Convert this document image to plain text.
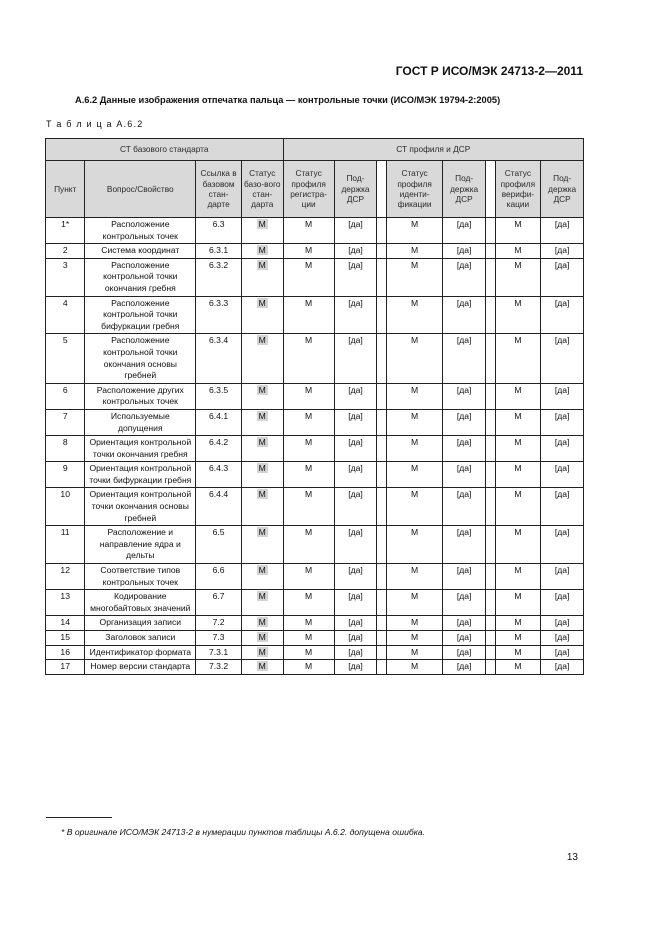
ГОСТ Р ИСО/МЭК 24713-2—2011
A.6.2 Данные изображения отпечатка пальца — контрольные точки (ИСО/МЭК 19794-2:2005)
Т а б л и ц а A.6.2
СТ базового стандарта				СТ профиля и ДСР							
Пункт	Вопрос/Свойство	Ссылка в базовом стан-дарте	Статус базо-вого стан-дарта	Статус профиля регистра-ции	Под-держка ДСР		Статус профиля иденти-фикации	Под-держка ДСР		Статус профиля верифи-кации	Под-держка ДСР
1*	Расположение контрольных точек	6.3	M	M	[да]		M	[да]		M	[да]
2	Система координат	6.3.1	M	M	[да]		M	[да]		M	[да]
3	Расположение контрольной точки окончания гребня	6.3.2	M	M	[да]		M	[да]		M	[да]
4	Расположение контрольной точки бифуркации гребня	6.3.3	M	M	[да]		M	[да]		M	[да]
5	Расположение контрольной точки окончания основы гребней	6.3.4	M	M	[да]		M	[да]		M	[да]
6	Расположение других контрольных точек	6.3.5	M	M	[да]		M	[да]		M	[да]
7	Используемые допущения	6.4.1	M	M	[да]		M	[да]		M	[да]
8	Ориентация контрольной точки окончания гребня	6.4.2	M	M	[да]		M	[да]		M	[да]
9	Ориентация контрольной точки бифуркации гребня	6.4.3	M	M	[да]		M	[да]		M	[да]
10	Ориентация контрольной точки окончания основы гребней	6.4.4	M	M	[да]		M	[да]		M	[да]
11	Расположение и направление ядра и дельты	6.5	M	M	[да]		M	[да]		M	[да]
12	Соответствие типов контрольных точек	6.6	M	M	[да]		M	[да]		M	[да]
13	Кодирование многобайтовых значений	6.7	M	M	[да]		M	[да]		M	[да]
14	Организация записи	7.2	M	M	[да]		M	[да]		M	[да]
15	Заголовок записи	7.3	M	M	[да]		M	[да]		M	[да]
16	Идентификатор формата	7.3.1	M	M	[да]		M	[да]		M	[да]
17	Номер версии стандарта	7.3.2	M	M	[да]		M	[да]		M	[да]
* В оригинале ИСО/МЭК 24713-2 в нумерации пунктов таблицы А.6.2. допущена ошибка.
13
